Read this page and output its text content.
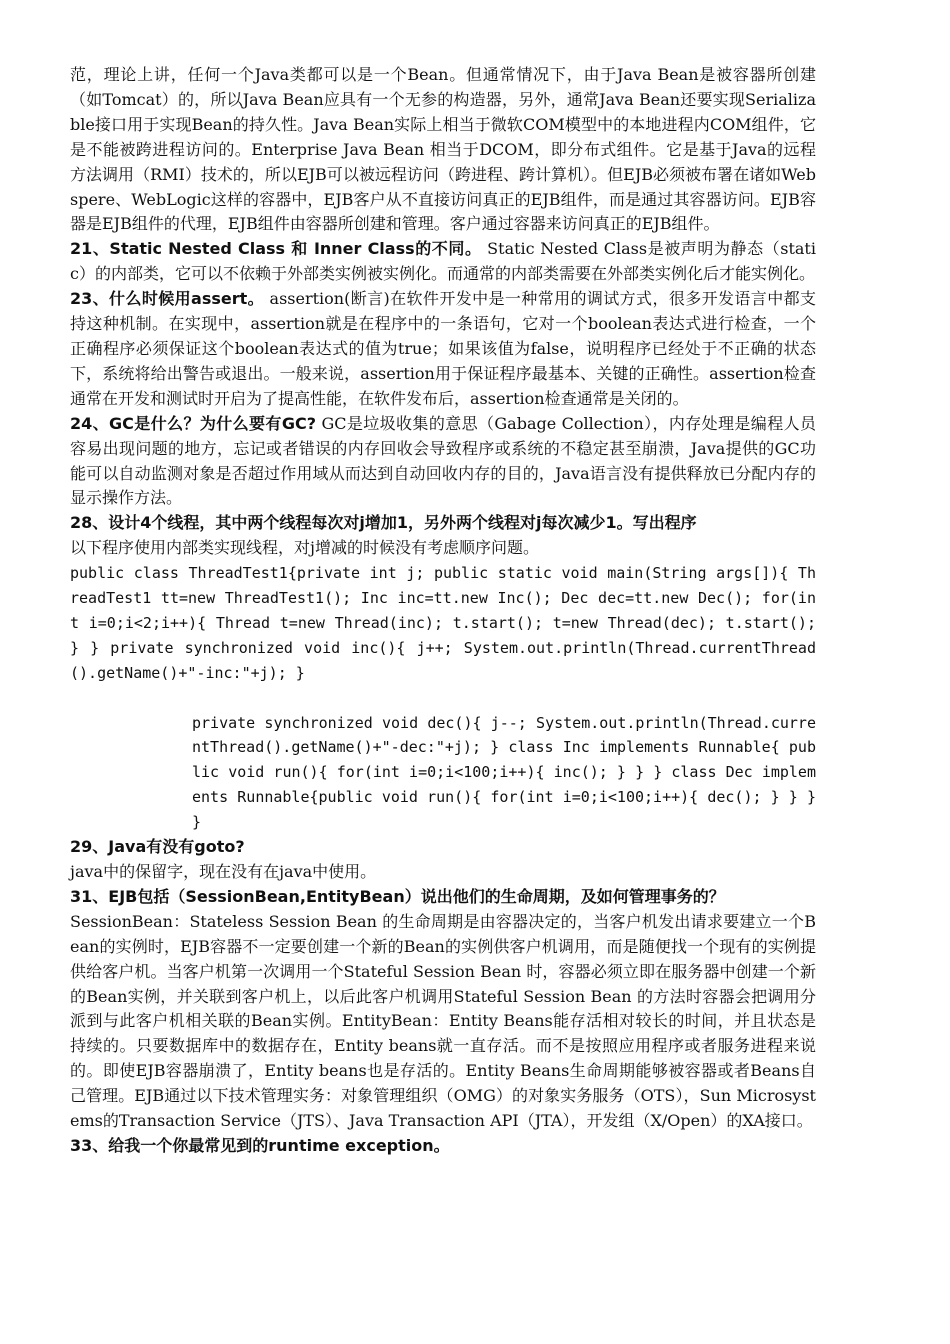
范，理论上讲，任何一个Java类都可以是一个Bean。但通常情况下，由于Java Bean是被容器所创建（如Tomcat）的，所以Java Bean应具有一个无参的构造器，另外，通常Java Bean还要实现Serializable接口用于实现Bean的持久性。Java Bean实际上相当于微软COM模型中的本地进程内COM组件，它是不能被跨进程访问的。Enterprise Java Bean 相当于DCOM，即分布式组件。它是基于Java的远程方法调用（RMI）技术的，所以EJB可以被远程访问（跨进程、跨计算机）。但EJB必须被布署在诸如Webspere、WebLogic这样的容器中，EJB客户从不直接访问真正的EJB组件，而是通过其容器访问。EJB容器是EJB组件的代理，EJB组件由容器所创建和管理。客户通过容器来访问真正的EJB组件。

21、Static Nested Class 和 Inner Class的不同。 Static Nested Class是被声明为静态（static）的内部类，它可以不依赖于外部类实例被实例化。而通常的内部类需要在外部类实例化后才能实例化。

23、什么时候用assert。 assertion(断言)在软件开发中是一种常用的调试方式，很多开发语言中都支持这种机制。在实现中，assertion就是在程序中的一条语句，它对一个boolean表达式进行检查，一个正确程序必须保证这个boolean表达式的值为true；如果该值为false，说明程序已经处于不正确的状态下，系统将给出警告或退出。一般来说，assertion用于保证程序最基本、关键的正确性。assertion检查通常在开发和测试时开启为了提高性能，在软件发布后，assertion检查通常是关闭的。

24、GC是什么？为什么要有GC? GC是垃圾收集的意思（Gabage Collection），内存处理是编程人员容易出现问题的地方，忘记或者错误的内存回收会导致程序或系统的不稳定甚至崩溃，Java提供的GC功能可以自动监测对象是否超过作用域从而达到自动回收内存的目的，Java语言没有提供释放已分配内存的显示操作方法。

28、设计4个线程，其中两个线程每次对j增加1，另外两个线程对j每次减少1。写出程序

以下程序使用内部类实现线程，对j增减的时候没有考虑顺序问题。

public class ThreadTest1{private int j; public static void main(String args[]){ ThreadTest1 tt=new ThreadTest1(); Inc inc=tt.new Inc(); Dec dec=tt.new Dec(); for(int i=0;i<2;i++){ Thread t=new Thread(inc); t.start(); t=new Thread(dec); t.start(); } } private synchronized void inc(){ j++; System.out.println(Thread.currentThread().getName()+"-inc:"+j); }

private synchronized void dec(){ j--; System.out.println(Thread.currentThread().getName()+"-dec:"+j); } class Inc implements Runnable{ public void run(){ for(int i=0;i<100;i++){ inc(); } } } class Dec implements Runnable{public void run(){ for(int i=0;i<100;i++){ dec(); } } } }

29、Java有没有goto?

java中的保留字，现在没有在java中使用。

31、EJB包括（SessionBean,EntityBean）说出他们的生命周期，及如何管理事务的？

SessionBean：Stateless Session Bean 的生命周期是由容器决定的，当客户机发出请求要建立一个Bean的实例时，EJB容器不一定要创建一个新的Bean的实例供客户机调用，而是随便找一个现有的实例提供给客户机。当客户机第一次调用一个Stateful Session Bean 时，容器必须立即在服务器中创建一个新的Bean实例，并关联到客户机上，以后此客户机调用Stateful Session Bean 的方法时容器会把调用分派到与此客户机相关联的Bean实例。EntityBean：Entity Beans能存活相对较长的时间，并且状态是持续的。只要数据库中的数据存在，Entity beans就一直存活。而不是按照应用程序或者服务进程来说的。即使EJB容器崩溃了，Entity beans也是存活的。Entity Beans生命周期能够被容器或者Beans自己管理。EJB通过以下技术管理实务：对象管理组织（OMG）的对象实务服务（OTS），Sun Microsystems的Transaction Service（JTS）、Java Transaction API（JTA），开发组（X/Open）的XA接口。

33、给我一个你最常见到的runtime exception。
